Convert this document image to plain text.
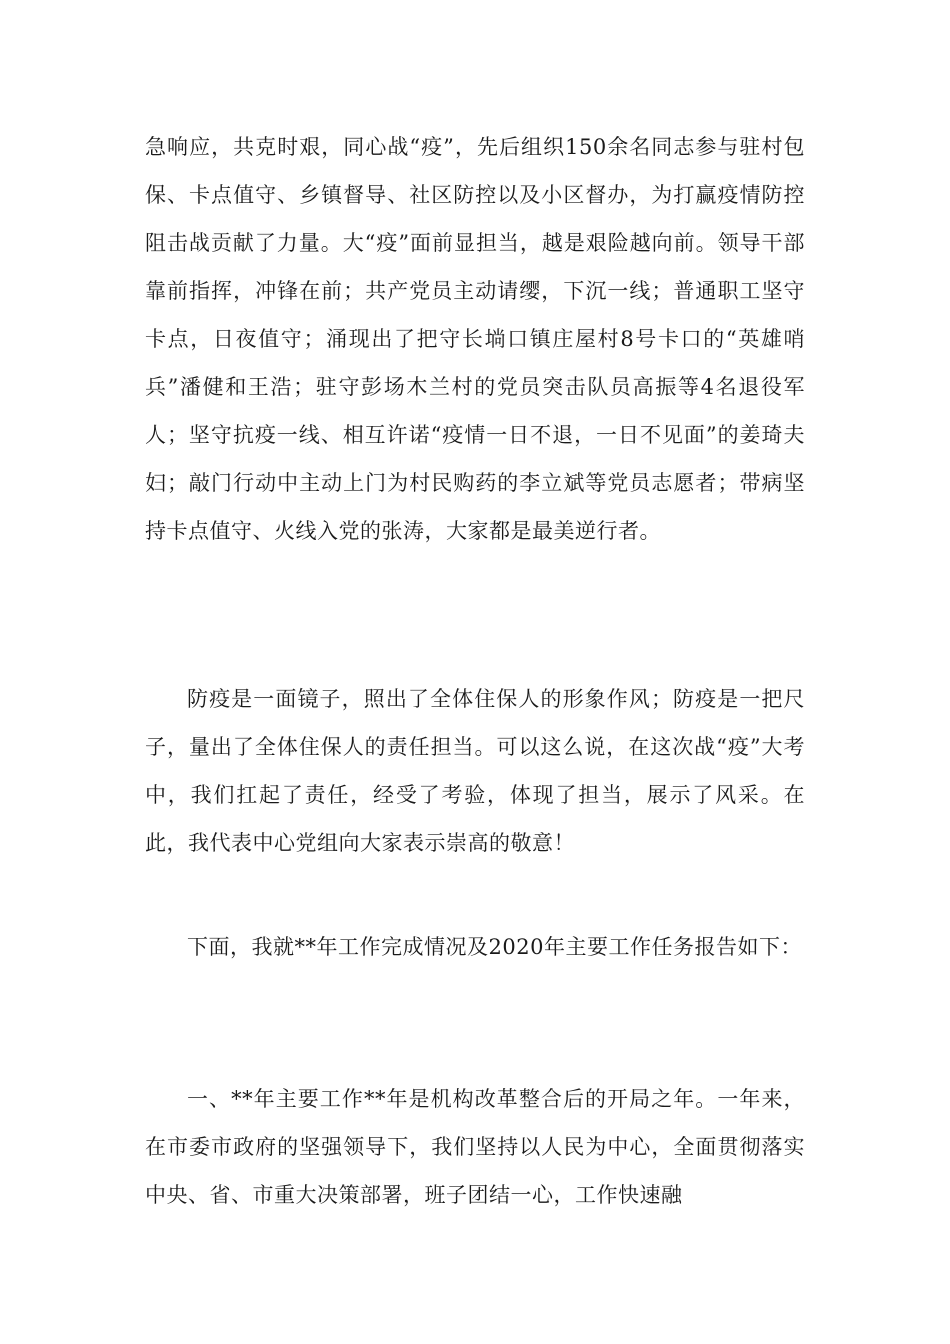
急响应，共克时艰，同心战“疫”，先后组织150余名同志参与驻村包保、卡点值守、乡镇督导、社区防控以及小区督办，为打赢疫情防控阻击战贡献了力量。大“疫”面前显担当，越是艰险越向前。领导干部靠前指挥，冲锋在前；共产党员主动请缨，下沉一线；普通职工坚守卡点，日夜值守；涌现出了把守长埫口镇庄屋村8号卡口的“英雄哨兵”潘健和王浩；驻守彭场木兰村的党员突击队员高振等4名退役军人；坚守抗疫一线、相互许诺“疫情一日不退，一日不见面”的姜琦夫妇；敲门行动中主动上门为村民购药的李立斌等党员志愿者；带病坚持卡点值守、火线入党的张涛，大家都是最美逆行者。

防疫是一面镜子，照出了全体住保人的形象作风；防疫是一把尺子，量出了全体住保人的责任担当。可以这么说，在这次战“疫”大考中，我们扛起了责任，经受了考验，体现了担当，展示了风采。在此，我代表中心党组向大家表示崇高的敬意！

下面，我就**年工作完成情况及2020年主要工作任务报告如下：

一、**年主要工作**年是机构改革整合后的开局之年。一年来，在市委市政府的坚强领导下，我们坚持以人民为中心，全面贯彻落实中央、省、市重大决策部署，班子团结一心，工作快速融
